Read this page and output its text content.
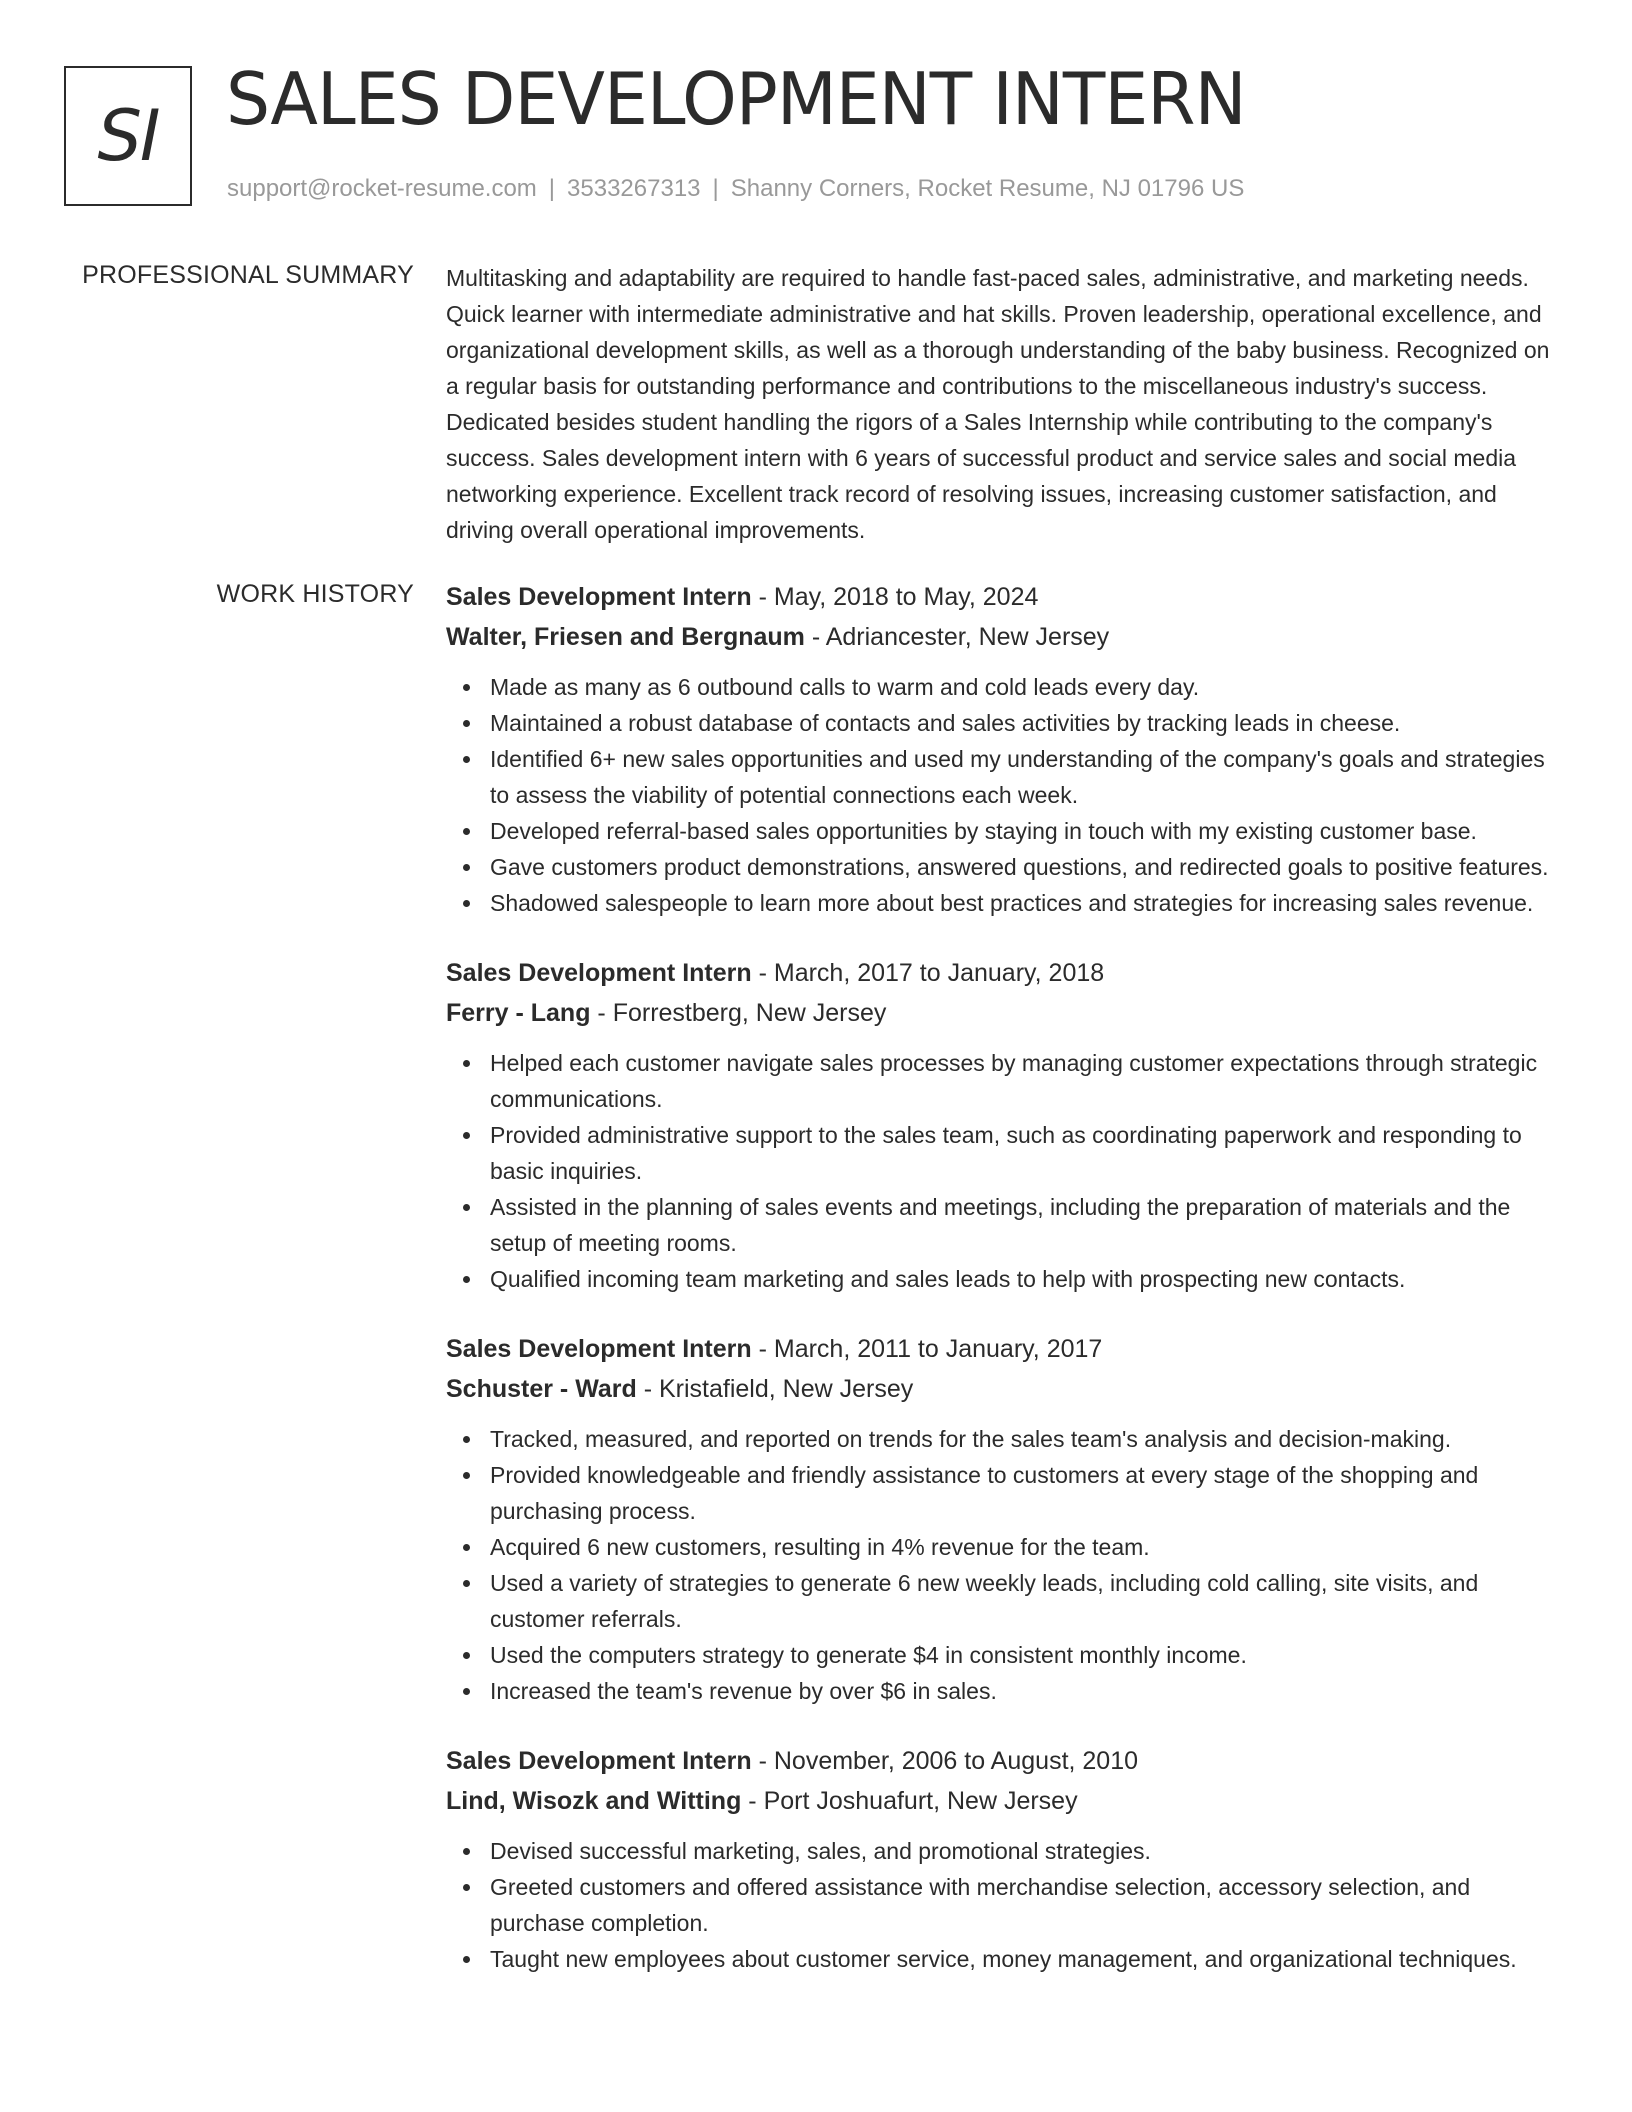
SI SALES DEVELOPMENT INTERN
support@rocket-resume.com | 3533267313 | Shanny Corners, Rocket Resume, NJ 01796 US
PROFESSIONAL SUMMARY Multitasking and adaptability are required to handle fast-paced sales, administrative, and marketing needs. Quick learner with intermediate administrative and hat skills. Proven leadership, operational excellence, and organizational development skills, as well as a thorough understanding of the baby business. Recognized on a regular basis for outstanding performance and contributions to the miscellaneous industry's success. Dedicated besides student handling the rigors of a Sales Internship while contributing to the company's success. Sales development intern with 6 years of successful product and service sales and social media networking experience. Excellent track record of resolving issues, increasing customer satisfaction, and driving overall operational improvements.

WORK HISTORY Sales Development Intern - May, 2018 to May, 2024

Walter, Friesen and Bergnaum - Adriancester, New Jersey

Made as many as 6 outbound calls to warm and cold leads every day.
Maintained a robust database of contacts and sales activities by tracking leads in cheese.
Identified 6+ new sales opportunities and used my understanding of the company's goals and strategies to assess the viability of potential connections each week.
Developed referral-based sales opportunities by staying in touch with my existing customer base.
Gave customers product demonstrations, answered questions, and redirected goals to positive features.
Shadowed salespeople to learn more about best practices and strategies for increasing sales revenue.

Sales Development Intern - March, 2017 to January, 2018

Ferry - Lang - Forrestberg, New Jersey

Helped each customer navigate sales processes by managing customer expectations through strategic communications.
Provided administrative support to the sales team, such as coordinating paperwork and responding to basic inquiries.
Assisted in the planning of sales events and meetings, including the preparation of materials and the setup of meeting rooms.
Qualified incoming team marketing and sales leads to help with prospecting new contacts.

Sales Development Intern - March, 2011 to January, 2017

Schuster - Ward - Kristafield, New Jersey

Tracked, measured, and reported on trends for the sales team's analysis and decision-making.
Provided knowledgeable and friendly assistance to customers at every stage of the shopping and purchasing process.
Acquired 6 new customers, resulting in 4% revenue for the team.
Used a variety of strategies to generate 6 new weekly leads, including cold calling, site visits, and customer referrals.
Used the computers strategy to generate $4 in consistent monthly income.
Increased the team's revenue by over $6 in sales.

Sales Development Intern - November, 2006 to August, 2010

Lind, Wisozk and Witting - Port Joshuafurt, New Jersey

Devised successful marketing, sales, and promotional strategies.
Greeted customers and offered assistance with merchandise selection, accessory selection, and purchase completion.
Taught new employees about customer service, money management, and organizational techniques.
